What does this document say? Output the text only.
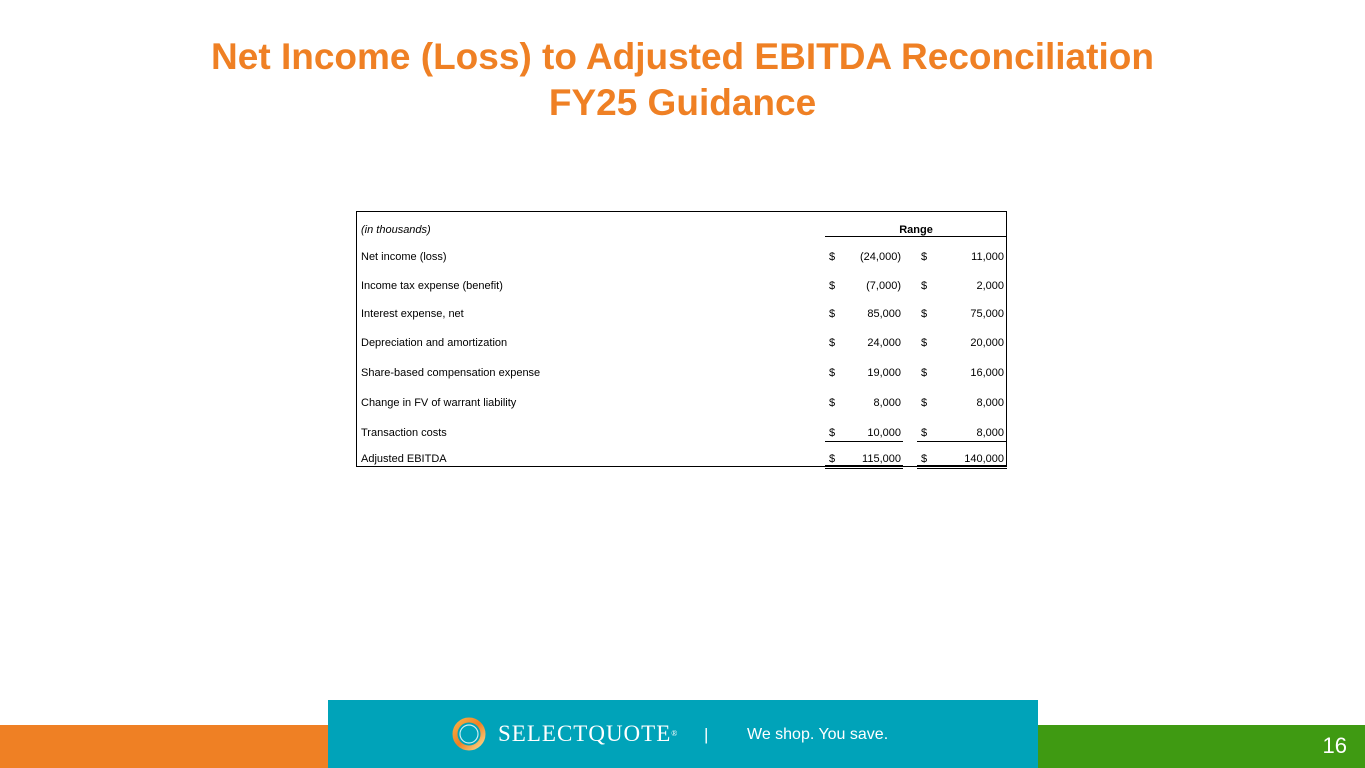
Net Income (Loss) to Adjusted EBITDA Reconciliation
FY25 Guidance
(in thousands)	Range
Net income (loss)	$	(24,000) $	11,000
Income tax expense (benefit)	$	(7,000) $	2,000
Interest expense, net	$	85,000 $	75,000
Depreciation and amortization	$	24,000 $	20,000
Share-based compensation expense	$	19,000 $	16,000
Change in FV of warrant liability	$	8,000 $	8,000
Transaction costs	$	10,000 $	8,000
Adjusted EBITDA	$	115,000 $	140,000
SELECTQUOTE® | We shop. You save.	16
